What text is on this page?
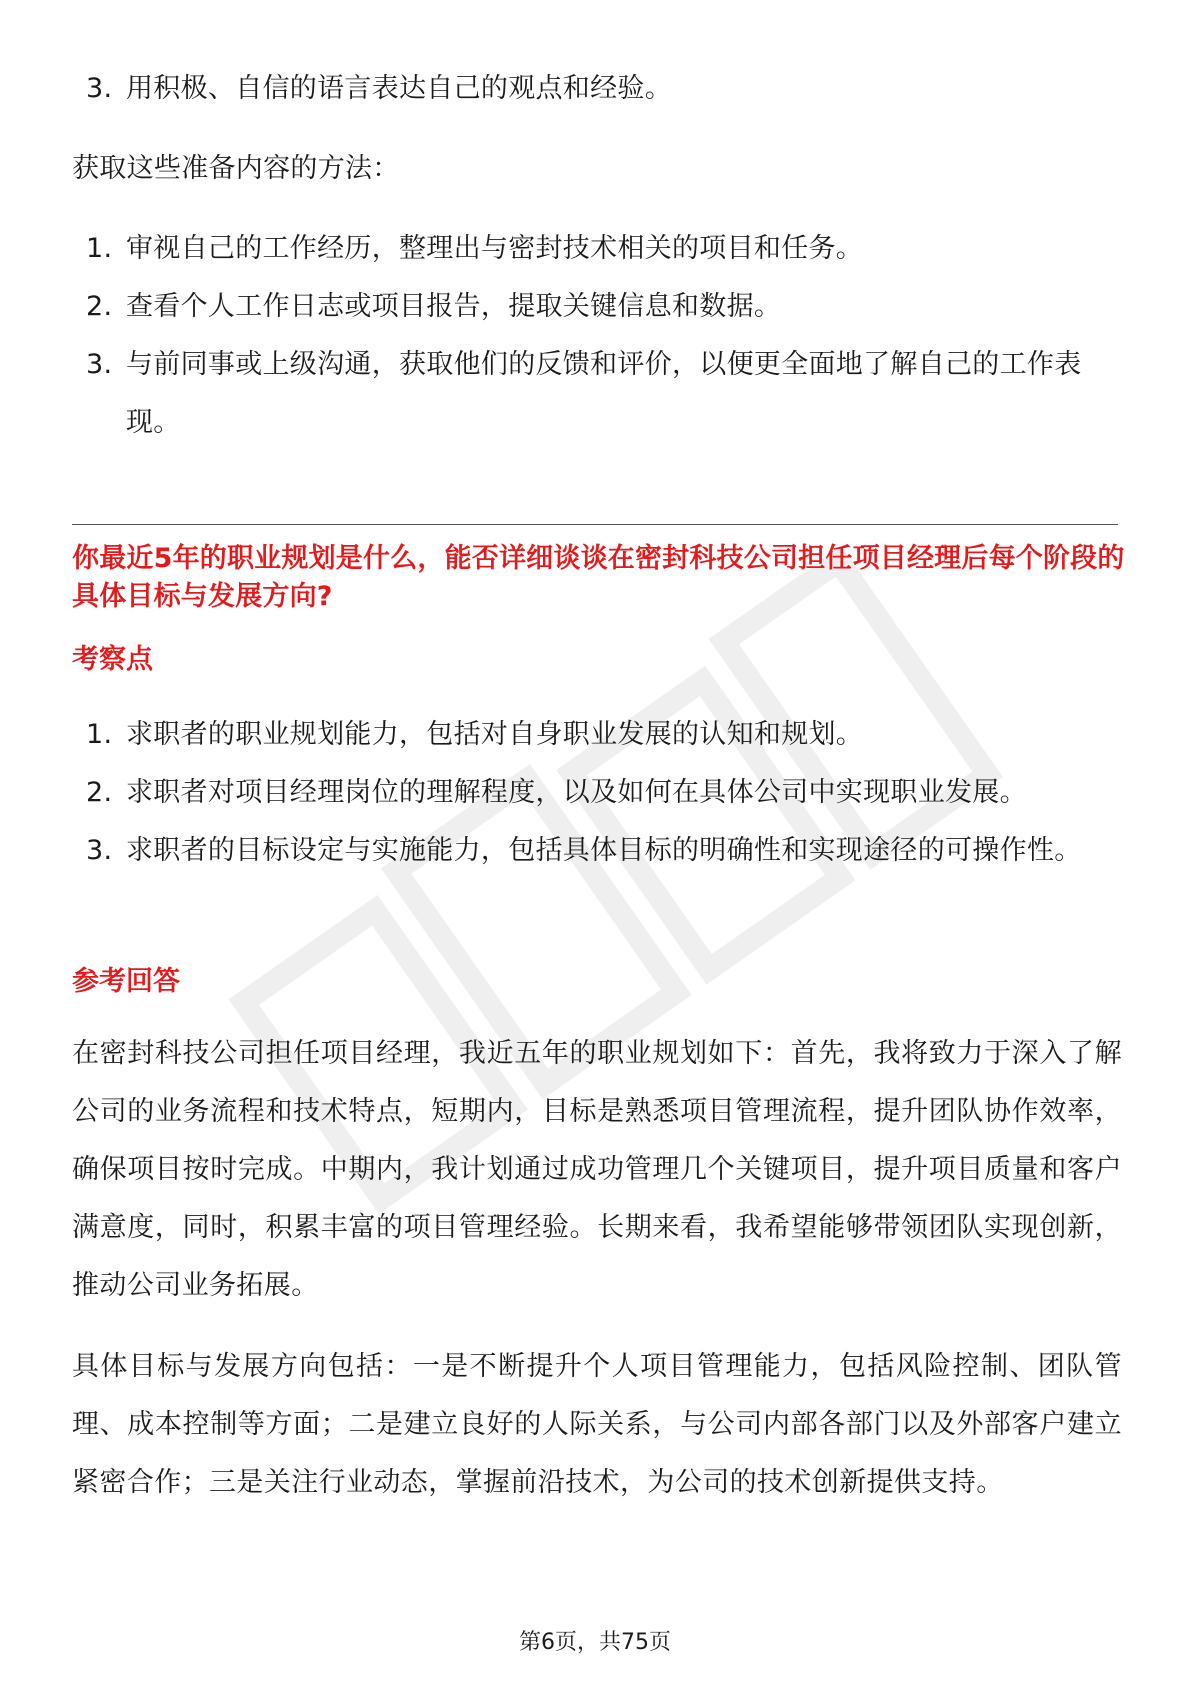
3. 用积极、自信的语言表达自己的观点和经验。
获取这些准备内容的方法：
1. 审视自己的工作经历，整理出与密封技术相关的项目和任务。
2. 查看个人工作日志或项目报告，提取关键信息和数据。
3. 与前同事或上级沟通，获取他们的反馈和评价，以便更全面地了解自己的工作表现。
你最近5年的职业规划是什么，能否详细谈谈在密封科技公司担任项目经理后每个阶段的具体目标与发展方向?
考察点
1. 求职者的职业规划能力，包括对自身职业发展的认知和规划。
2. 求职者对项目经理岗位的理解程度，以及如何在具体公司中实现职业发展。
3. 求职者的目标设定与实施能力，包括具体目标的明确性和实现途径的可操作性。
参考回答
在密封科技公司担任项目经理，我近五年的职业规划如下：首先，我将致力于深入了解公司的业务流程和技术特点，短期内，目标是熟悉项目管理流程，提升团队协作效率，确保项目按时完成。中期内，我计划通过成功管理几个关键项目，提升项目质量和客户满意度，同时，积累丰富的项目管理经验。长期来看，我希望能够带领团队实现创新，推动公司业务拓展。
具体目标与发展方向包括：一是不断提升个人项目管理能力，包括风险控制、团队管理、成本控制等方面；二是建立良好的人际关系，与公司内部各部门以及外部客户建立紧密合作；三是关注行业动态，掌握前沿技术，为公司的技术创新提供支持。
第6页，共75页
